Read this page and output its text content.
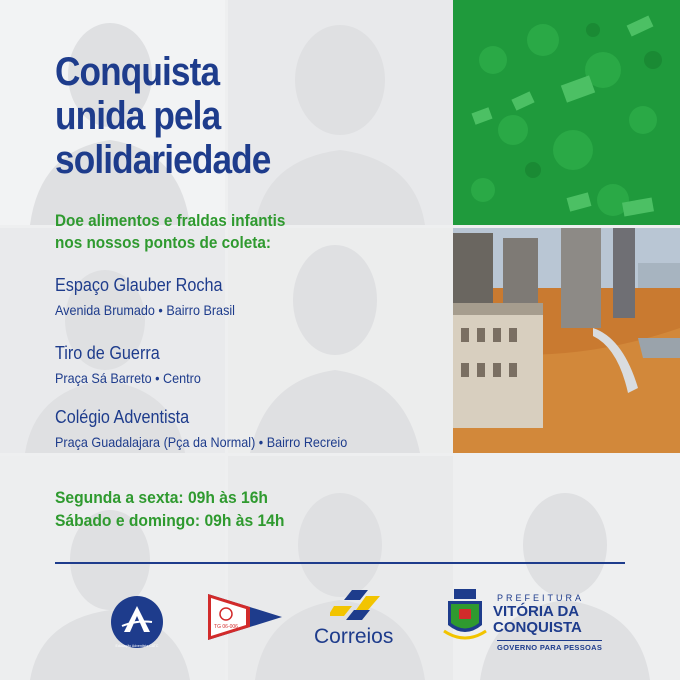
Conquista
unida pela
solidariedade
Doe alimentos e fraldas infantis
nos nossos pontos de coleta:
Espaço Glauber Rocha
Avenida Brumado • Bairro Brasil
Tiro de Guerra
Praça Sá Barreto • Centro
Colégio Adventista
Praça Guadalajara (Pça da Normal) • Bairro Recreio
Segunda a sexta: 09h às 16h
Sábado e domingo: 09h às 14h
Educação Adventista CATC
TG 06-006	Correios
PREFEITURA
VITÓRIA DA
CONQUISTA
GOVERNO PARA PESSOAS
